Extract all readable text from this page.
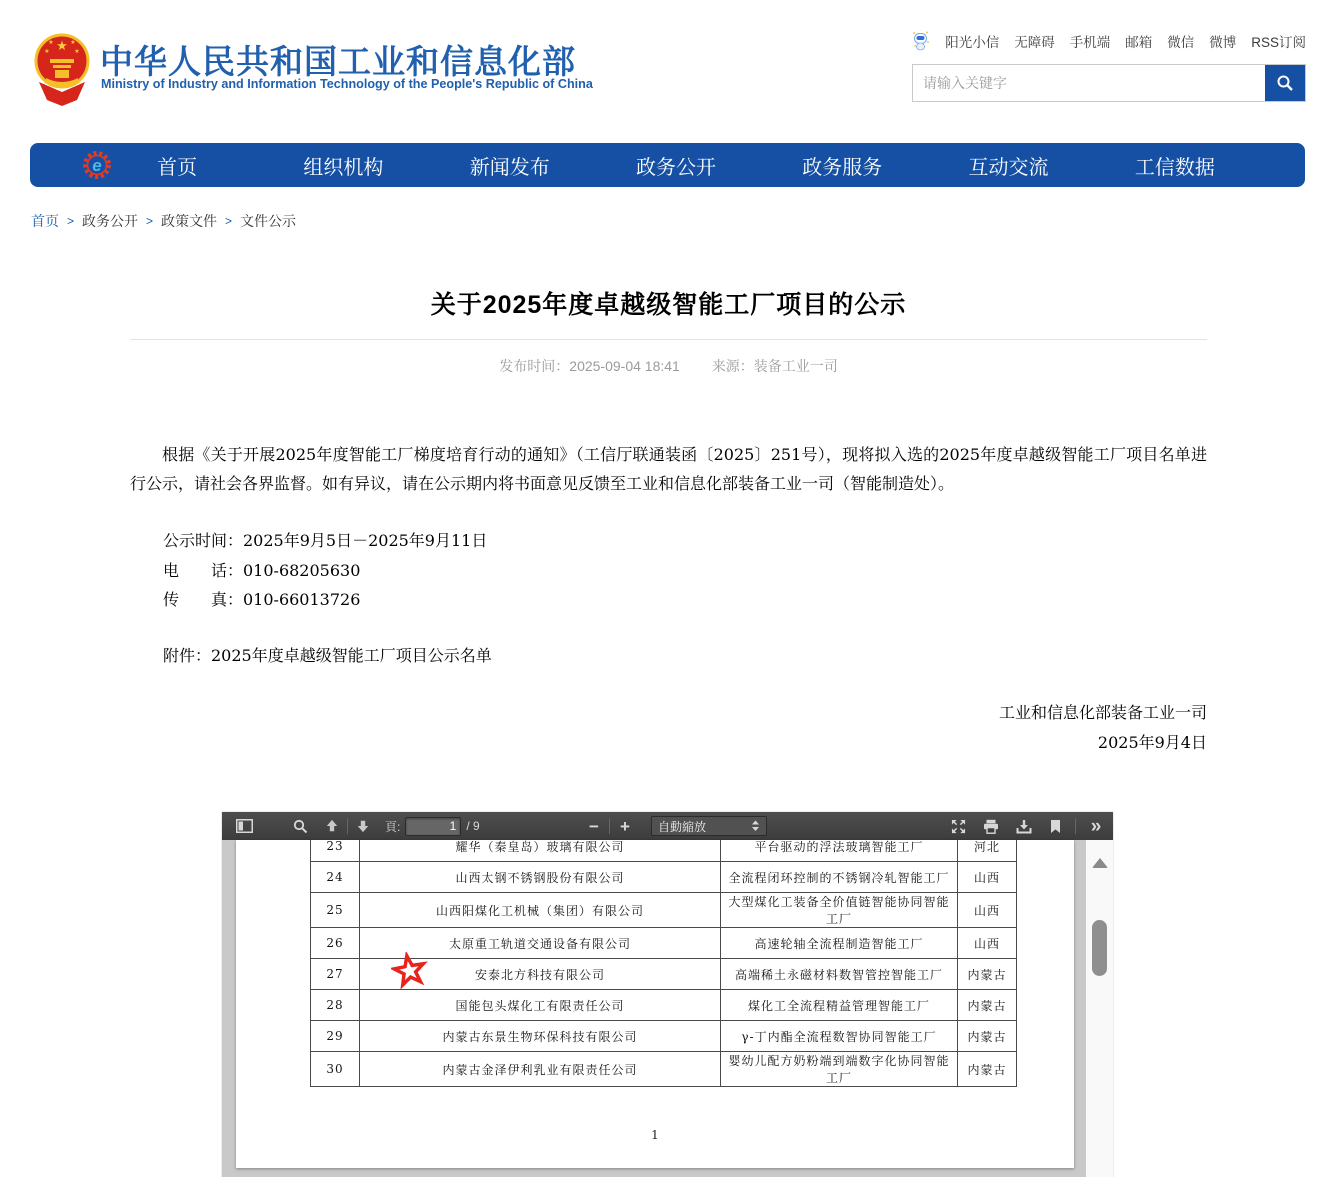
★
★	★
★	★ 中华人民共和国工业和信息化部
Ministry of Industry and Information Technology of the People's Republic of China
阳光小信 无障碍 手机端 邮箱 微信 微博 RSS订阅
请输入关键字
e	首页	组织机构	新闻发布	政务公开	政务服务	互动交流	工信数据
首页 > 政务公开 > 政策文件 > 文件公示
关于2025年度卓越级智能工厂项目的公示
发布时间：2025-09-04 18:41 来源：装备工业一司
根据《关于开展2025年度智能工厂梯度培育行动的通知》（工信厅联通装函〔2025〕251号），现将拟入选的2025年度卓越级智能工厂项目名单进行公示，请社会各界监督。如有异议，请在公示期内将书面意见反馈至工业和信息化部装备工业一司（智能制造处）。
公示时间：2025年9月5日－2025年9月11日
电　　话：010-68205630
传　　真：010-66013726
附件：2025年度卓越级智能工厂项目公示名单
工业和信息化部装备工业一司
2025年9月4日
頁:
1	/ 9	− + 自動縮放	»
23	耀华（秦皇岛）玻璃有限公司	平台驱动的浮法玻璃智能工厂	河北
24	山西太钢不锈钢股份有限公司	全流程闭环控制的不锈钢冷轧智能工厂	山西
25	山西阳煤化工机械（集团）有限公司	大型煤化工装备全价值链智能协同智能工厂	山西
26	太原重工轨道交通设备有限公司	高速轮轴全流程制造智能工厂	山西
27	安泰北方科技有限公司	高端稀土永磁材料数智管控智能工厂	内蒙古
28	国能包头煤化工有限责任公司	煤化工全流程精益管理智能工厂	内蒙古
29	内蒙古东景生物环保科技有限公司	γ-丁内酯全流程数智协同智能工厂	内蒙古
30	内蒙古金泽伊利乳业有限责任公司	婴幼儿配方奶粉端到端数字化协同智能工厂	内蒙古
1
